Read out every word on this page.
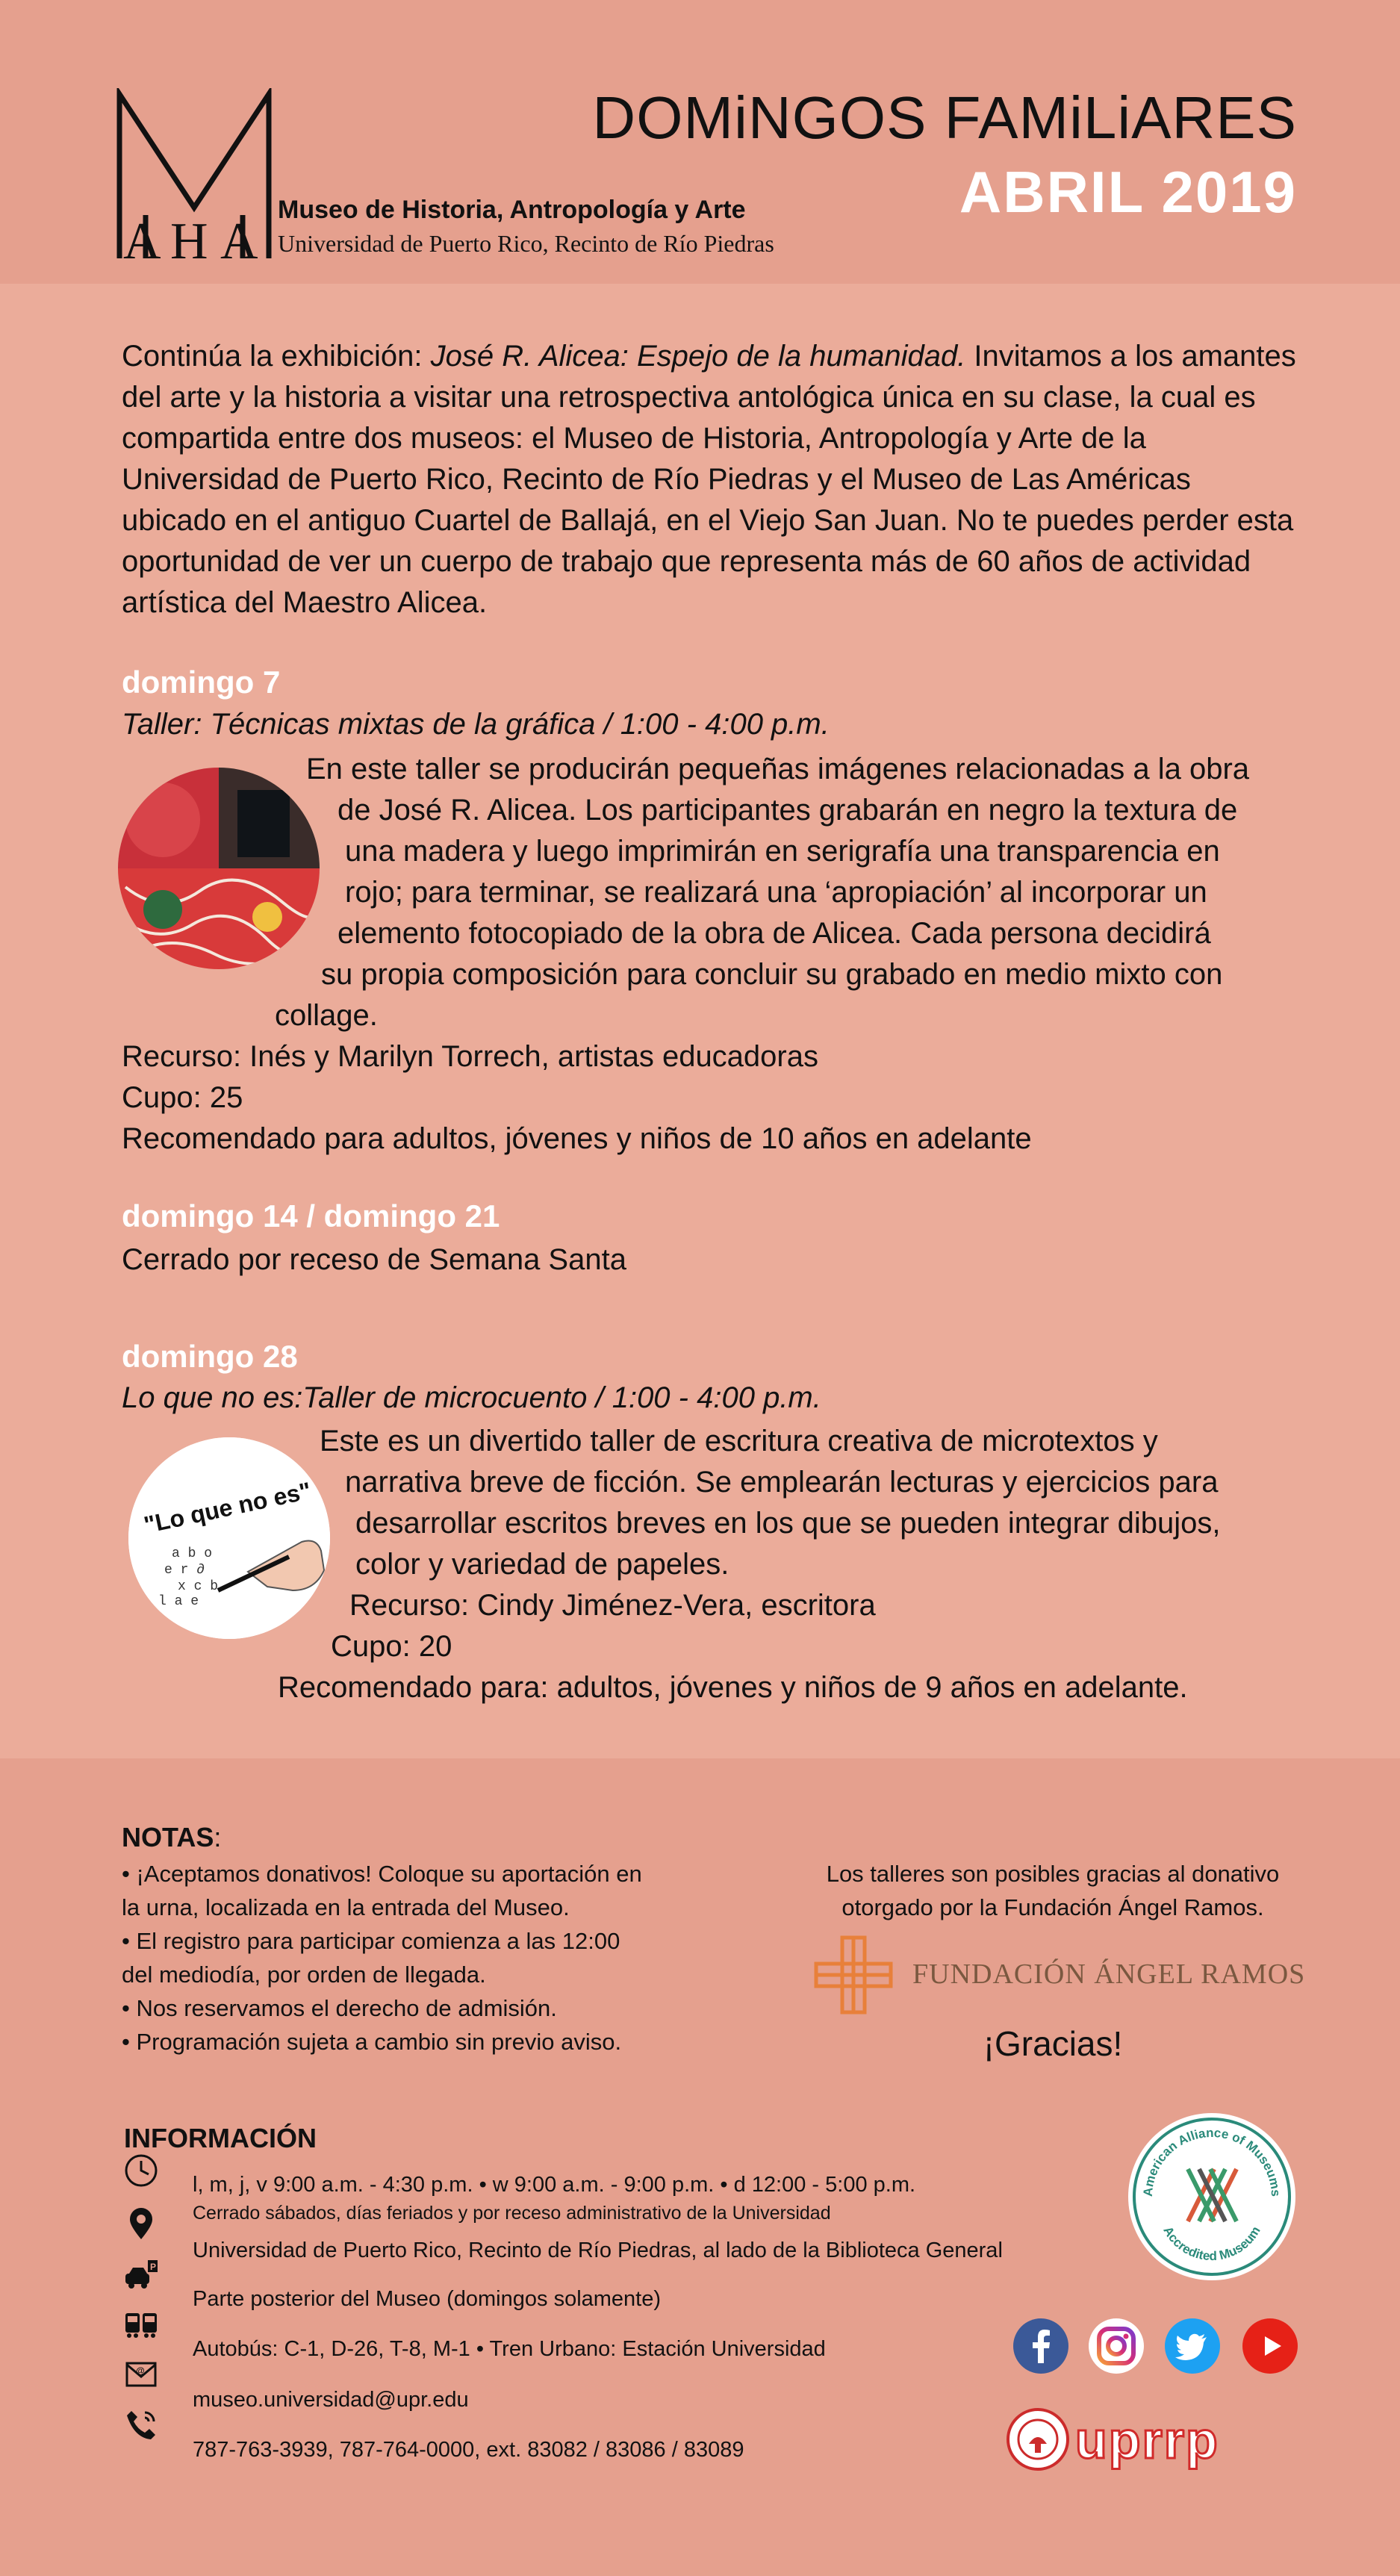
A H A
Museo de Historia, Antropología y Arte
Universidad de Puerto Rico, Recinto de Río Piedras
DOMiNGOS FAMiLiARES
ABRIL 2019
Continúa la exhibición: José R. Alicea: Espejo de la humanidad. Invitamos a los amantes del arte y la historia a visitar una retrospectiva antológica única en su clase, la cual es compartida entre dos museos: el Museo de Historia, Antropología y Arte de la Universidad de Puerto Rico, Recinto de Río Piedras y el Museo de Las Américas ubicado en el antiguo Cuartel de Ballajá, en el Viejo San Juan. No te puedes perder esta oportunidad de ver un cuerpo de trabajo que representa más de 60 años de actividad artística del Maestro Alicea.
domingo 7
Taller: Técnicas mixtas de la gráfica / 1:00 - 4:00 p.m.
En este taller se producirán pequeñas imágenes relacionadas a la obra
de José R. Alicea. Los participantes grabarán en negro la textura de
una madera y luego imprimirán en serigrafía una transparencia en
rojo; para terminar, se realizará una ‘apropiación’ al incorporar un
elemento fotocopiado de la obra de Alicea. Cada persona decidirá
su propia composición para concluir su grabado en medio mixto con
collage.
Recurso: Inés y Marilyn Torrech, artistas educadoras
Cupo: 25
Recomendado para adultos, jóvenes y niños de 10 años en adelante
domingo 14 / domingo 21
Cerrado por receso de Semana Santa
domingo 28
Lo que no es:Taller de microcuento / 1:00 - 4:00 p.m.
"Lo que no es"
a b o
e r ∂
x c b
l a e
Este es un divertido taller de escritura creativa de microtextos y
narrativa breve de ficción. Se emplearán lecturas y ejercicios para
desarrollar escritos breves en los que se pueden integrar dibujos,
color y variedad de papeles.
Recurso: Cindy Jiménez-Vera, escritora
Cupo: 20
Recomendado para: adultos, jóvenes y niños de 9 años en adelante.
NOTAS:
• ¡Aceptamos donativos! Coloque su aportación en
la urna, localizada en la entrada del Museo.
• El registro para participar comienza a las 12:00
del mediodía, por orden de llegada.
• Nos reservamos el derecho de admisión.
• Programación sujeta a cambio sin previo aviso.
Los talleres son posibles gracias al donativo
otorgado por la Fundación Ángel Ramos.
FUNDACIÓN ÁNGEL RAMOS
¡Gracias!
INFORMACIÓN
l, m, j, v 9:00 a.m. - 4:30 p.m. • w 9:00 a.m. - 9:00 p.m. • d 12:00 - 5:00 p.m.
Cerrado sábados, días feriados y por receso administrativo de la Universidad
Universidad de Puerto Rico, Recinto de Río Piedras, al lado de la Biblioteca General
P
Parte posterior del Museo (domingos solamente)
Autobús: C-1, D-26, T-8, M-1 • Tren Urbano: Estación Universidad
@
museo.universidad@upr.edu
787-763-3939, 787-764-0000, ext. 83082 / 83086 / 83089
American Alliance of Museums
Accredited Museum
uprrp
